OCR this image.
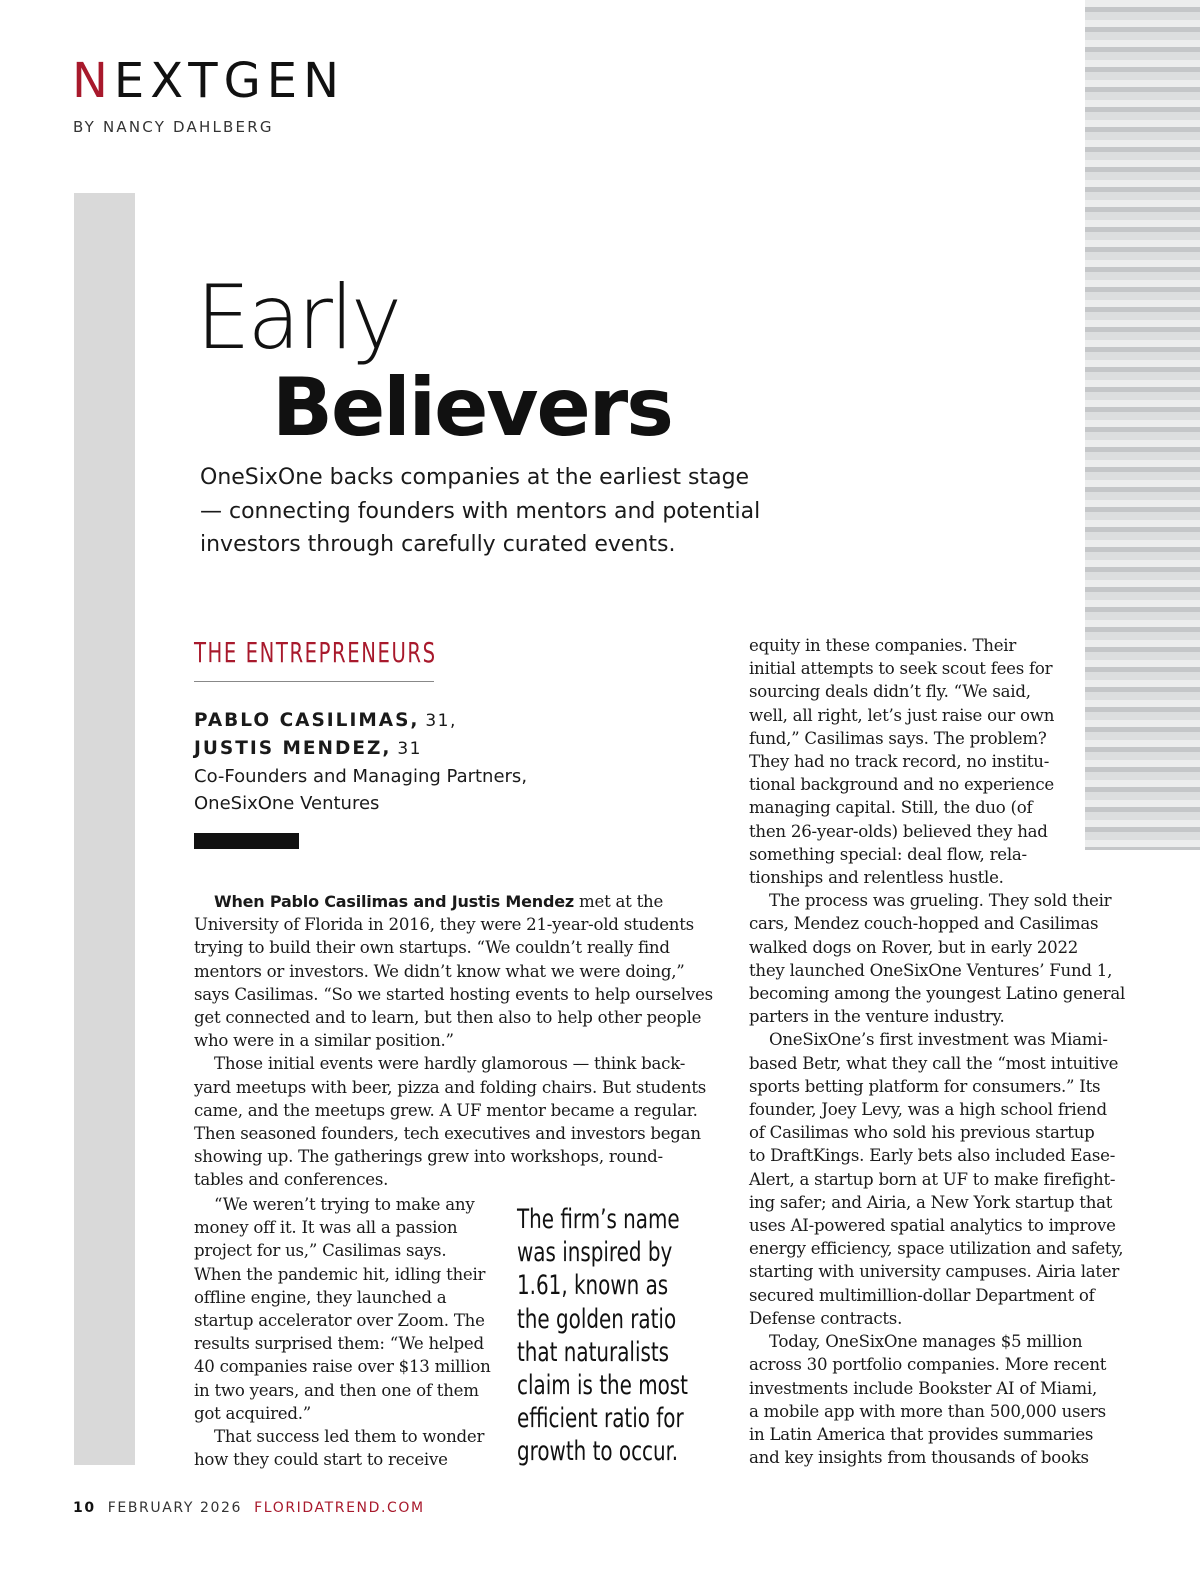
NEXTGEN
BY NANCY DAHLBERG
Early
Believers
OneSixOne backs companies at the earliest stage
— connecting founders with mentors and potential
investors through carefully curated events.
THE ENTREPRENEURS
PABLO CASILIMAS, 31,
JUSTIS MENDEZ, 31
Co-Founders and Managing Partners,
OneSixOne Ventures
When Pablo Casilimas and Justis Mendez met at the
University of Florida in 2016, they were 21-year-old students
trying to build their own startups. “We couldn’t really find
mentors or investors. We didn’t know what we were doing,”
says Casilimas. “So we started hosting events to help ourselves
get connected and to learn, but then also to help other people
who were in a similar position.”
Those initial events were hardly glamorous — think back-
yard meetups with beer, pizza and folding chairs. But students
came, and the meetups grew. A UF mentor became a regular.
Then seasoned founders, tech executives and investors began
showing up. The gatherings grew into workshops, round-
tables and conferences.
“We weren’t trying to make any
money off it. It was all a passion
project for us,” Casilimas says.
When the pandemic hit, idling their
offline engine, they launched a
startup accelerator over Zoom. The
results surprised them: “We helped
40 companies raise over $13 million
in two years, and then one of them
got acquired.”
That success led them to wonder
how they could start to receive
The firm’s name
was inspired by
1.61, known as
the golden ratio
that naturalists
claim is the most
efficient ratio for
growth to occur.
equity in these companies. Their
initial attempts to seek scout fees for
sourcing deals didn’t fly. “We said,
well, all right, let’s just raise our own
fund,” Casilimas says. The problem?
They had no track record, no institu-
tional background and no experience
managing capital. Still, the duo (of
then 26-year-olds) believed they had
something special: deal flow, rela-
tionships and relentless hustle.
The process was grueling. They sold their
cars, Mendez couch-hopped and Casilimas
walked dogs on Rover, but in early 2022
they launched OneSixOne Ventures’ Fund 1,
becoming among the youngest Latino general
parters in the venture industry.
OneSixOne’s first investment was Miami-
based Betr, what they call the “most intuitive
sports betting platform for consumers.” Its
founder, Joey Levy, was a high school friend
of Casilimas who sold his previous startup
to DraftKings. Early bets also included Ease-
Alert, a startup born at UF to make firefight-
ing safer; and Airia, a New York startup that
uses AI-powered spatial analytics to improve
energy efficiency, space utilization and safety,
starting with university campuses. Airia later
secured multimillion-dollar Department of
Defense contracts.
Today, OneSixOne manages $5 million
across 30 portfolio companies. More recent
investments include Bookster AI of Miami,
a mobile app with more than 500,000 users
in Latin America that provides summaries
and key insights from thousands of books
10 FEBRUARY 2026 FLORIDATREND.COM
